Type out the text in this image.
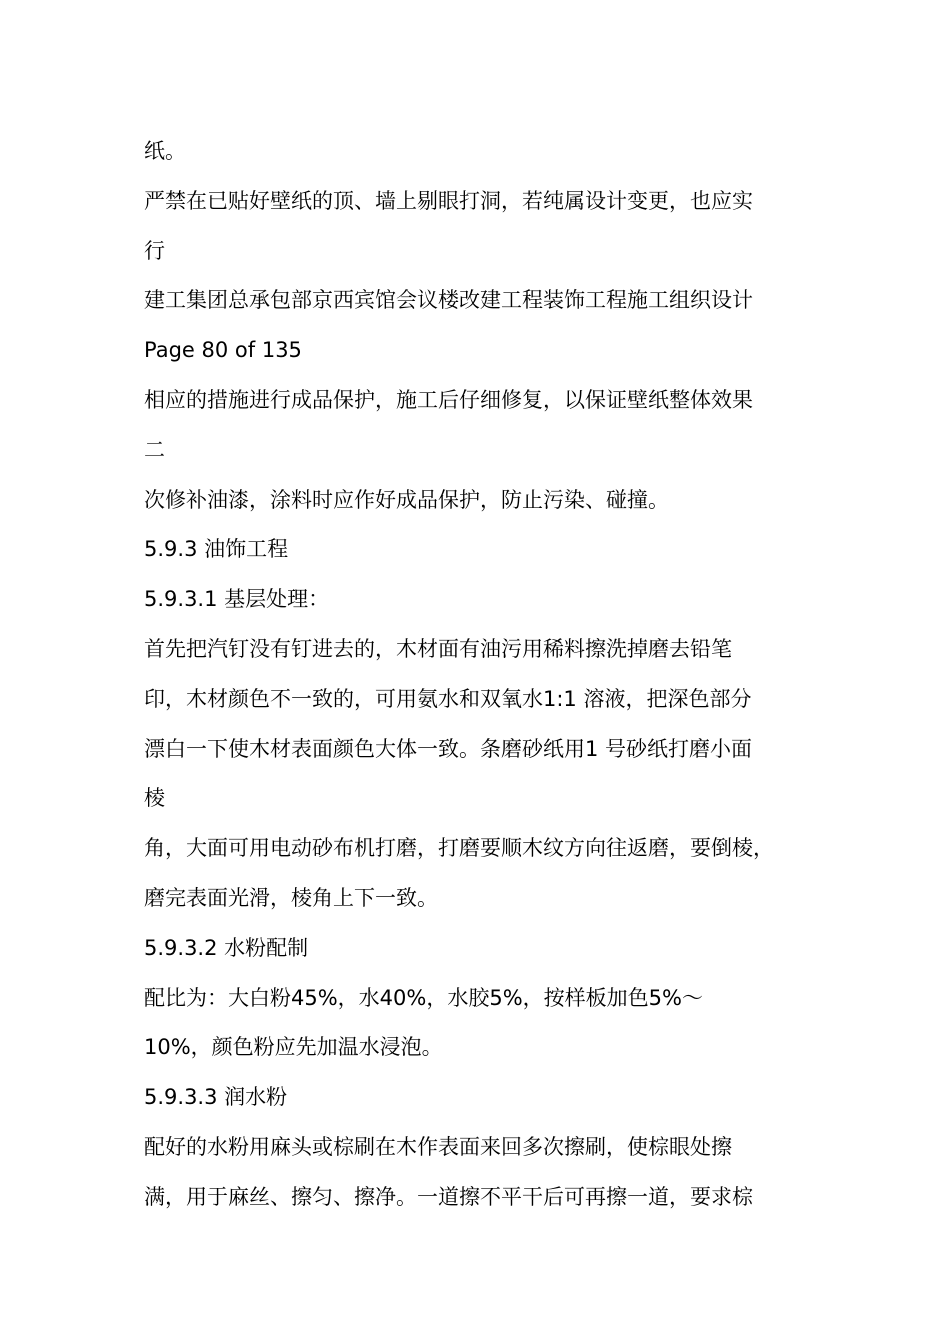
纸。
严禁在已贴好壁纸的顶、墙上剔眼打洞，若纯属设计变更，也应实
行
建工集团总承包部京西宾馆会议楼改建工程装饰工程施工组织设计
Page 80 of 135
相应的措施进行成品保护，施工后仔细修复，以保证壁纸整体效果
二
次修补油漆，涂料时应作好成品保护，防止污染、碰撞。
5.9.3 油饰工程
5.9.3.1 基层处理：
首先把汽钉没有钉进去的，木材面有油污用稀料擦洗掉磨去铅笔
印，木材颜色不一致的，可用氨水和双氧水1:1 溶液，把深色部分
漂白一下使木材表面颜色大体一致。条磨砂纸用1 号砂纸打磨小面
棱
角，大面可用电动砂布机打磨，打磨要顺木纹方向往返磨，要倒棱，
磨完表面光滑，棱角上下一致。
5.9.3.2 水粉配制
配比为：大白粉45%，水40%，水胶5%，按样板加色5%～
10%，颜色粉应先加温水浸泡。
5.9.3.3 润水粉
配好的水粉用麻头或棕刷在木作表面来回多次擦刷，使棕眼处擦
满，用于麻丝、擦匀、擦净。一道擦不平干后可再擦一道，要求棕
